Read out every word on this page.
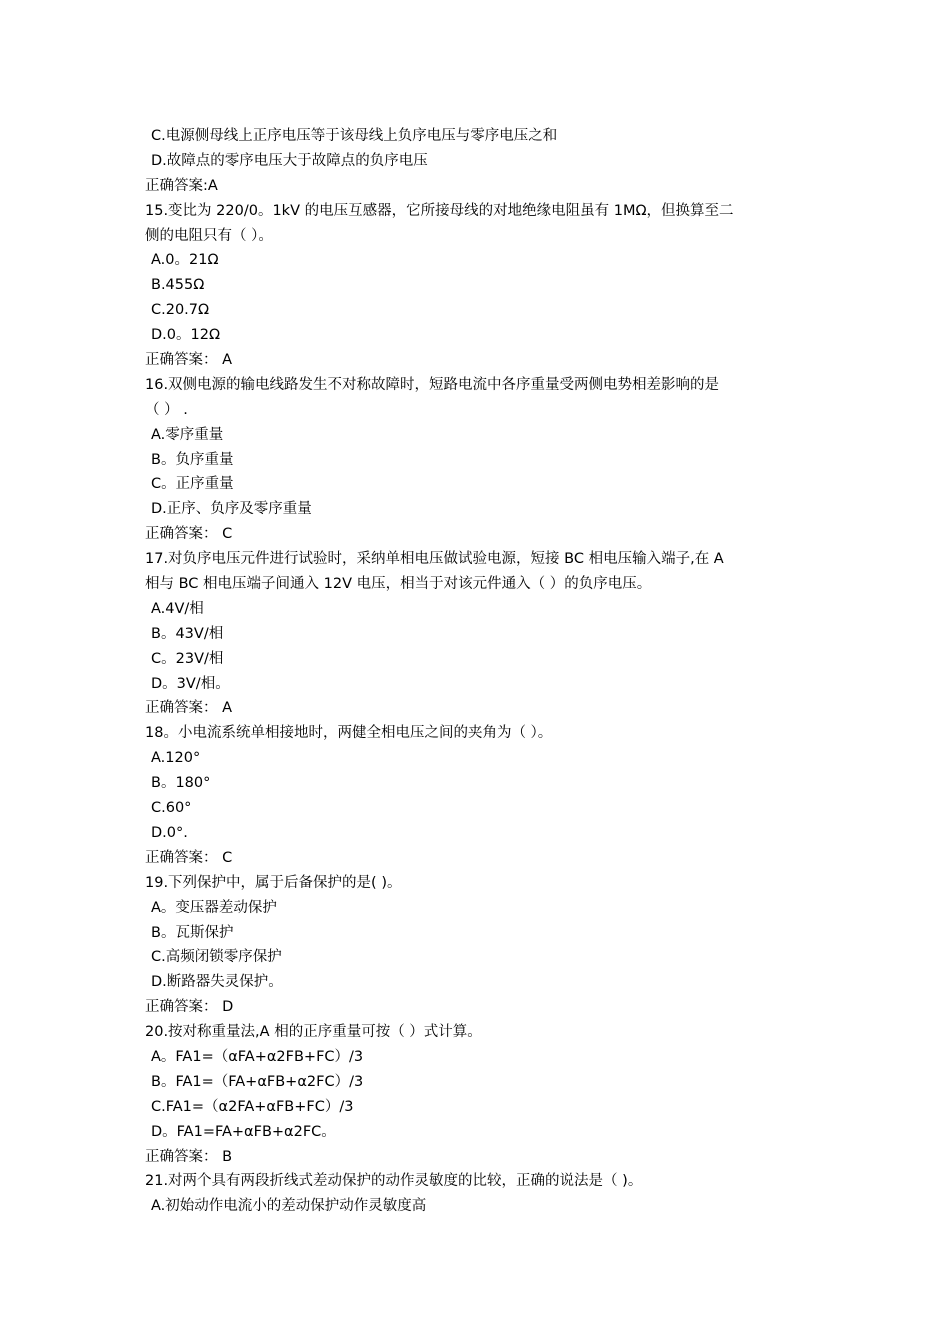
C.电源侧母线上正序电压等于该母线上负序电压与零序电压之和
D.故障点的零序电压大于故障点的负序电压
正确答案:A
15.变比为 220/0。1kV 的电压互感器，它所接母线的对地绝缘电阻虽有 1MΩ，但换算至二
侧的电阻只有（ ）。
A.0。21Ω
B.455Ω
C.20.7Ω
D.0。12Ω
正确答案： A
16.双侧电源的输电线路发生不对称故障时，短路电流中各序重量受两侧电势相差影响的是
（ ） .
A.零序重量
B。负序重量
C。正序重量
D.正序、负序及零序重量
正确答案： C
17.对负序电压元件进行试验时，采纳单相电压做试验电源，短接 BC 相电压输入端子,在 A
相与 BC 相电压端子间通入 12V 电压，相当于对该元件通入（ ）的负序电压。
A.4V/相
B。43V/相
C。23V/相
D。3V/相。
正确答案： A
18。小电流系统单相接地时，两健全相电压之间的夹角为（ ）。
A.120°
B。180°
C.60°
D.0°.
正确答案： C
19.下列保护中，属于后备保护的是( )。
A。变压器差动保护
B。瓦斯保护
C.高频闭锁零序保护
D.断路器失灵保护。
正确答案： D
20.按对称重量法,A 相的正序重量可按（ ）式计算。
A。FA1=（αFA+α2FB+FC）/3
B。FA1=（FA+αFB+α2FC）/3
C.FA1=（α2FA+αFB+FC）/3
D。FA1=FA+αFB+α2FC。
正确答案： B
21.对两个具有两段折线式差动保护的动作灵敏度的比较，正确的说法是（ )。
A.初始动作电流小的差动保护动作灵敏度高
